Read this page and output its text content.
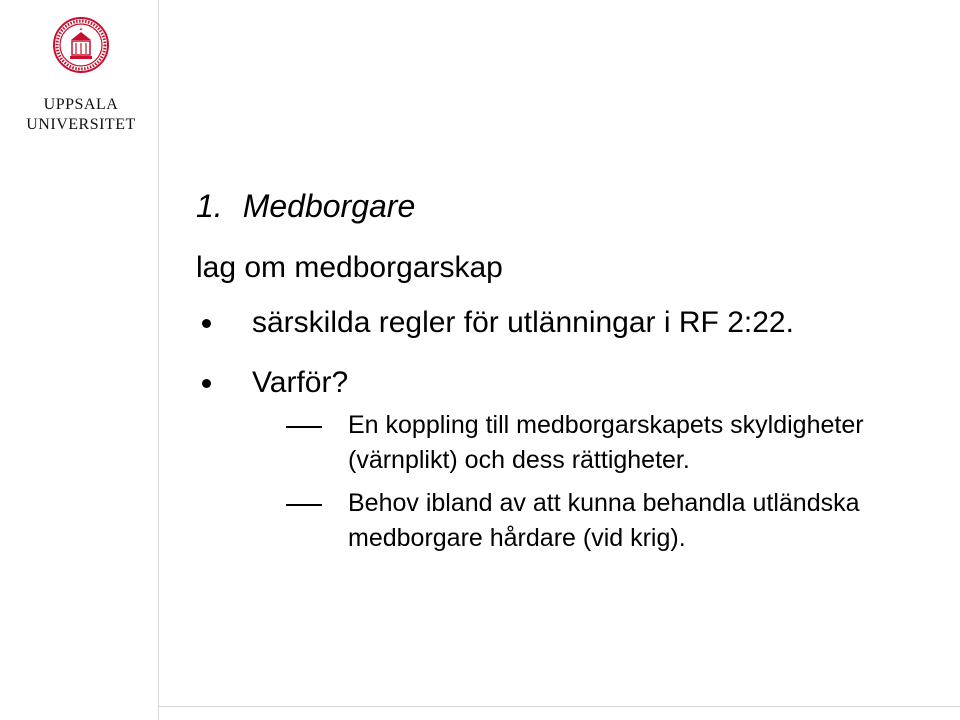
✦
UPPSALA
UNIVERSITET
1. Medborgare
lag om medborgarskap
särskilda regler för utlänningar i RF 2:22.
Varför?
En koppling till medborgarskapets skyldigheter (värnplikt) och dess rättigheter.
Behov ibland av att kunna behandla utländska medborgare hårdare (vid krig).
